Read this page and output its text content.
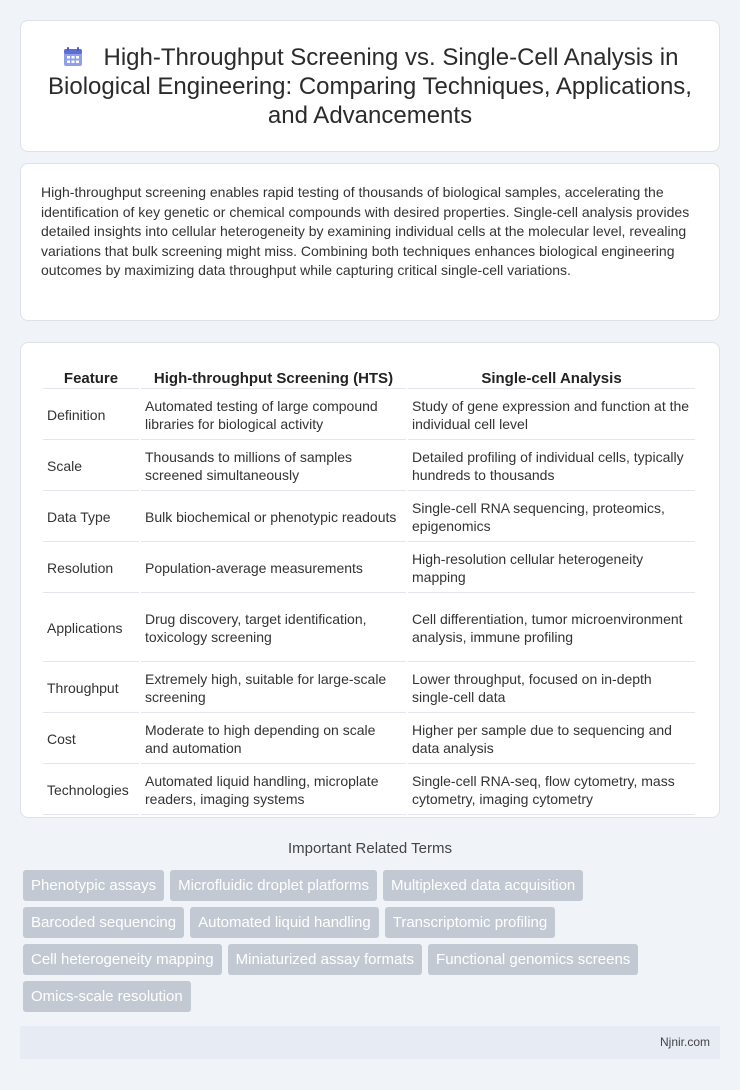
High-Throughput Screening vs. Single-Cell Analysis in Biological Engineering: Comparing Techniques, Applications, and Advancements

High-throughput screening enables rapid testing of thousands of biological samples, accelerating the identification of key genetic or chemical compounds with desired properties. Single-cell analysis provides detailed insights into cellular heterogeneity by examining individual cells at the molecular level, revealing variations that bulk screening might miss. Combining both techniques enhances biological engineering outcomes by maximizing data throughput while capturing critical single-cell variations.

Feature	High-throughput Screening (HTS)	Single-cell Analysis
Definition	Automated testing of large compound libraries for biological activity	Study of gene expression and function at the individual cell level
Scale	Thousands to millions of samples screened simultaneously	Detailed profiling of individual cells, typically hundreds to thousands
Data Type	Bulk biochemical or phenotypic readouts	Single-cell RNA sequencing, proteomics, epigenomics
Resolution	Population-average measurements	High-resolution cellular heterogeneity mapping
Applications	Drug discovery, target identification, toxicology screening	Cell differentiation, tumor microenvironment analysis, immune profiling
Throughput	Extremely high, suitable for large-scale screening	Lower throughput, focused on in-depth single-cell data
Cost	Moderate to high depending on scale and automation	Higher per sample due to sequencing and data analysis
Technologies	Automated liquid handling, microplate readers, imaging systems	Single-cell RNA-seq, flow cytometry, mass cytometry, imaging cytometry
Important Related Terms
Phenotypic assays	Microfluidic droplet platforms	Multiplexed data acquisition
Barcoded sequencing	Automated liquid handling	Transcriptomic profiling
Cell heterogeneity mapping	Miniaturized assay formats	Functional genomics screens
Omics-scale resolution
Njnir.com
